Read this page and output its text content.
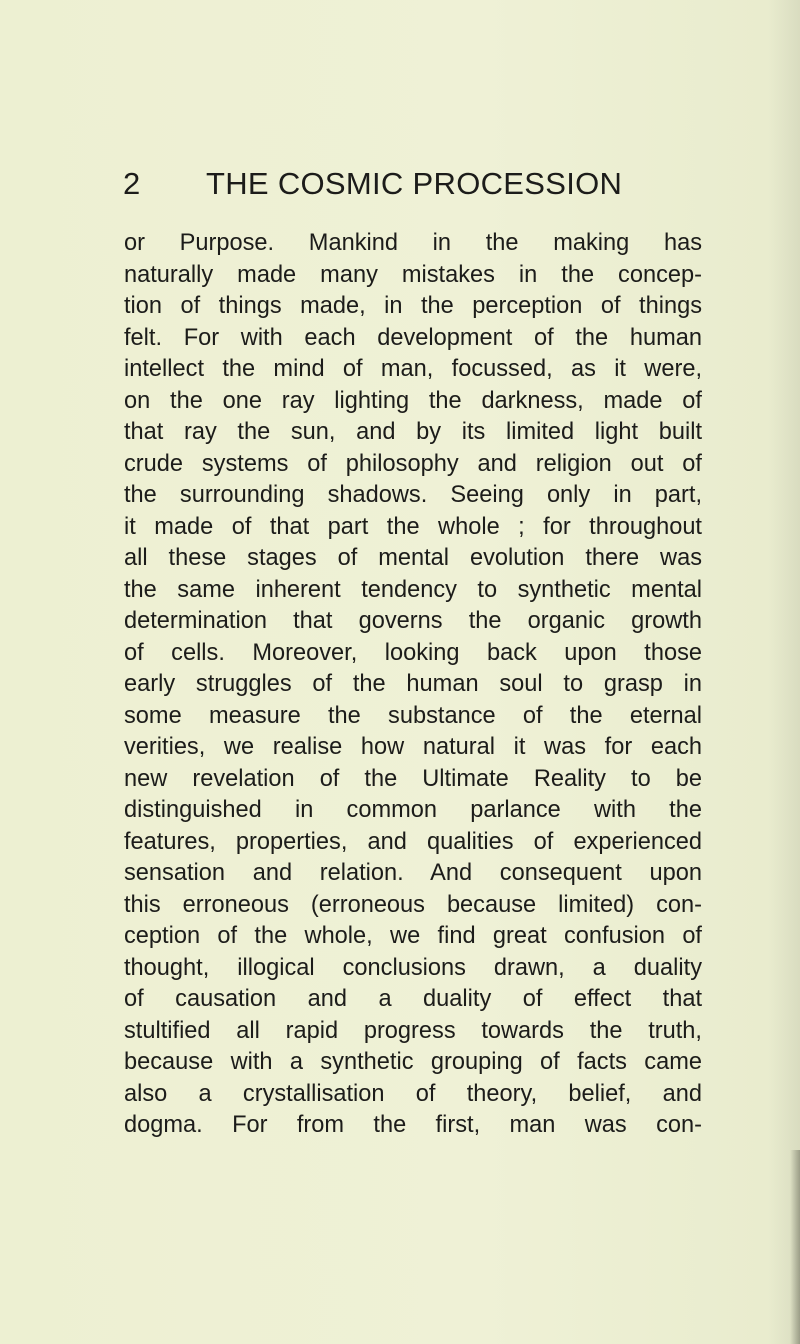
2 THE COSMIC PROCESSION
or Purpose. Mankind in the making has
naturally made many mistakes in the concep-
tion of things made, in the perception of things
felt. For with each development of the human
intellect the mind of man, focussed, as it were,
on the one ray lighting the darkness, made of
that ray the sun, and by its limited light built
crude systems of philosophy and religion out of
the surrounding shadows. Seeing only in part,
it made of that part the whole ; for throughout
all these stages of mental evolution there was
the same inherent tendency to synthetic mental
determination that governs the organic growth
of cells. Moreover, looking back upon those
early struggles of the human soul to grasp in
some measure the substance of the eternal
verities, we realise how natural it was for each
new revelation of the Ultimate Reality to be
distinguished in common parlance with the
features, properties, and qualities of experienced
sensation and relation. And consequent upon
this erroneous (erroneous because limited) con-
ception of the whole, we find great confusion of
thought, illogical conclusions drawn, a duality
of causation and a duality of effect that
stultified all rapid progress towards the truth,
because with a synthetic grouping of facts came
also a crystallisation of theory, belief, and
dogma. For from the first, man was con-
